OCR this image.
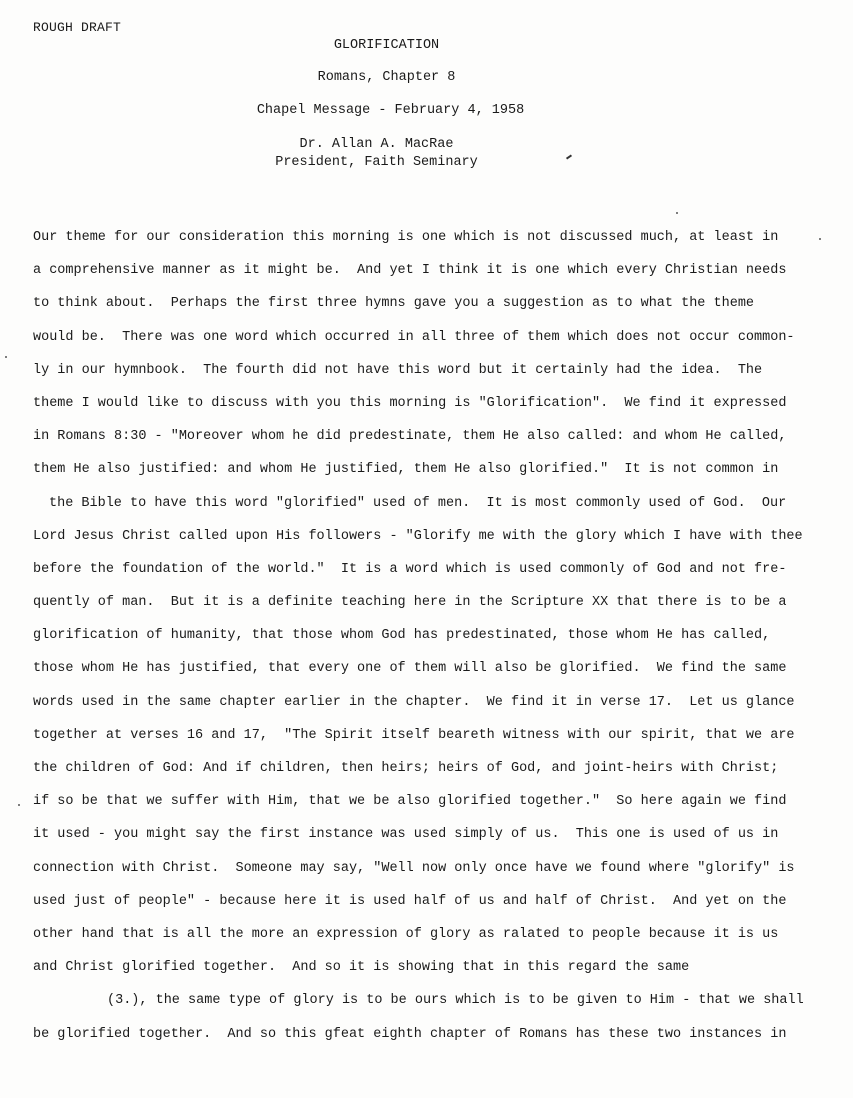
ROUGH DRAFT
GLORIFICATION
Romans, Chapter 8
Chapel Message - February 4, 1958
Dr. Allan A. MacRae
President, Faith Seminary
Our theme for our consideration this morning is one which is not discussed much, at least in
a comprehensive manner as it might be.  And yet I think it is one which every Christian needs
to think about.  Perhaps the first three hymns gave you a suggestion as to what the theme
would be.  There was one word which occurred in all three of them which does not occur common-
ly in our hymnbook.  The fourth did not have this word but it certainly had the idea.  The
theme I would like to discuss with you this morning is "Glorification".  We find it expressed
in Romans 8:30 - "Moreover whom he did predestinate, them He also called: and whom He called,
them He also justified: and whom He justified, them He also glorified."  It is not common in
the Bible to have this word "glorified" used of men.  It is most commonly used of God.  Our
Lord Jesus Christ called upon His followers - "Glorify me with the glory which I have with thee
before the foundation of the world."  It is a word which is used commonly of God and not fre-
quently of man.  But it is a definite teaching here in the Scripture XX that there is to be a
glorification of humanity, that those whom God has predestinated, those whom He has called,
those whom He has justified, that every one of them will also be glorified.  We find the same
words used in the same chapter earlier in the chapter.  We find it in verse 17.  Let us glance
together at verses 16 and 17,  "The Spirit itself beareth witness with our spirit, that we are
the children of God: And if children, then heirs; heirs of God, and joint-heirs with Christ;
if so be that we suffer with Him, that we be also glorified together."  So here again we find
it used - you might say the first instance was used simply of us.  This one is used of us in
connection with Christ.  Someone may say, "Well now only once have we found where "glorify" is
used just of people" - because here it is used half of us and half of Christ.  And yet on the
other hand that is all the more an expression of glory as ralated to people because it is us
and Christ glorified together.  And so it is showing that in this regard the same
(3.), the same type of glory is to be ours which is to be given to Him - that we shall
be glorified together.  And so this gfeat eighth chapter of Romans has these two instances in
